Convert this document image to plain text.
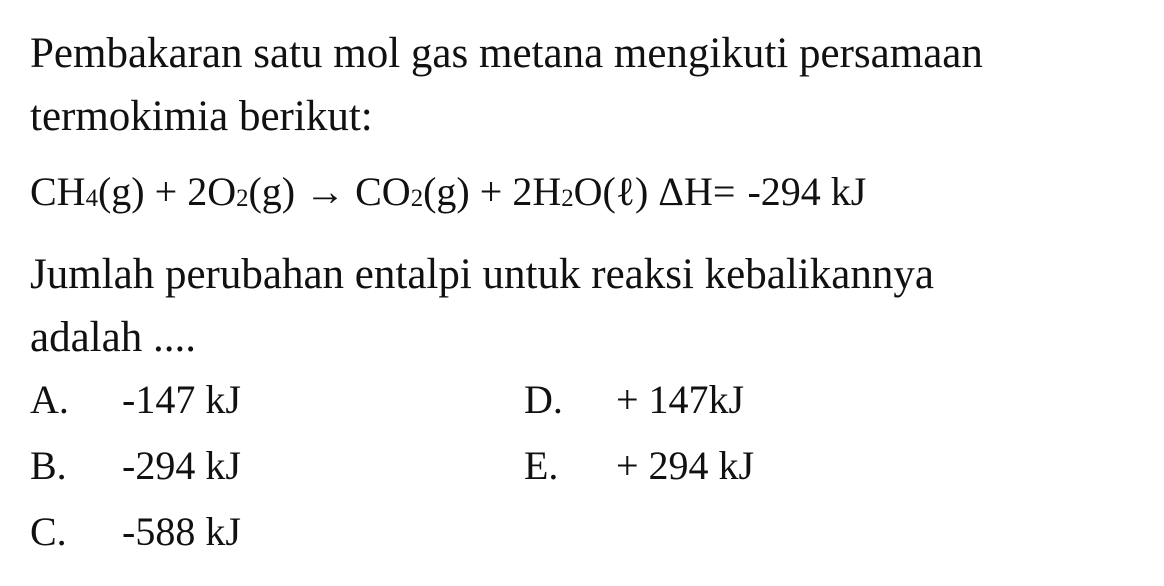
Pembakaran satu mol gas metana mengikuti persamaan
termokimia berikut:
$CH_4(g) + 2O_2(g) \to CO_2(g)$ + $2H_2O(\ell)$ ΔH= -294 kJ
Jumlah perubahan entalpi untuk reaksi kebalikannya
adalah ....
A. -147 kJ
B. -294 kJ
C. -588 kJ
D. + 147kJ
E. + 294 kJ
